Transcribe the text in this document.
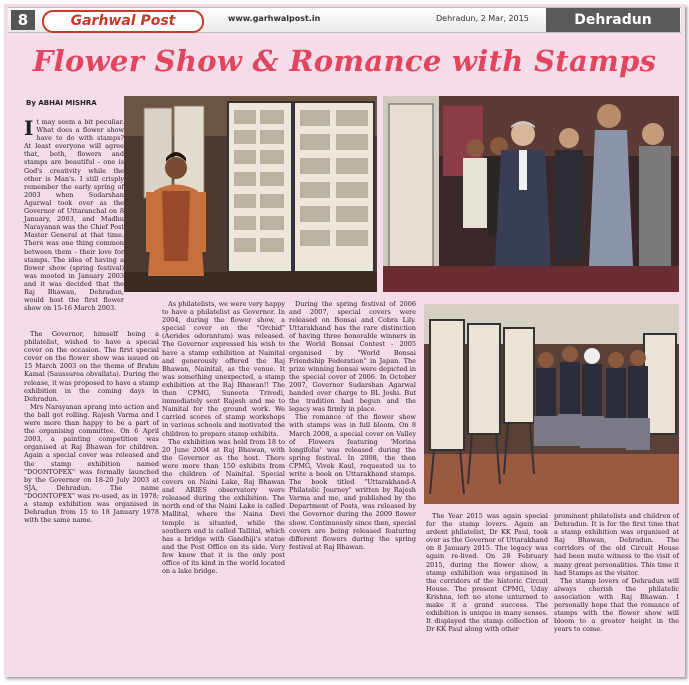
8	Garhwal Post	www.garhwalpost.in	Dehradun, 2 Mar, 2015	Dehradun
Flower Show & Romance with Stamps
By ABHAI MISHRA

It may seem a bit peculiar. What does a flower show have to do with stamps? At least everyone will agree that, both, flowers and stamps are beautiful - one is God's creativity while the other is Man's. I still crisply remember the early spring of 2003 when Sudarshan Agarwal took over as the Governor of Uttaranchal on 8 January, 2003, and Madhu Narayanan was the Chief Post Master General at that time. There was one thing common between them - their love for stamps. The idea of having a flower show (spring festival) was mooted in January 2003 and it was decided that the Raj Bhawan, Dehradun, would host the first flower show on 15-16 March 2003.

The Governor, himself being a philatelist, wished to have a special cover on the occasion. The first special cover on the flower show was issued on 15 March 2003 on the theme of Brahm Kamal (Saussurea obvallata). During the release, it was proposed to have a stamp exhibition in the coming days in Dehradun.

Mrs Narayanan sprang into action and the ball got rolling. Rajesh Varma and I were more than happy to be a part of the organising committee. On 6 April 2003, a painting competition was organised at Raj Bhawan for children. Again a special cover was released and the stamp exhibition named "DOONTOPEX" was formally launched by the Governor on 18-20 July 2003 at SJA, Dehradun. The name "DOONTOPEX" was re-used, as in 1978; a stamp exhibition was organised in Dehradun from 15 to 18 January 1978 with the same name.

As philatelists, we were very happy to have a philatelist as Governor. In 2004, during the flower show, a special cover on the "Orchid" (Aerides odorantum) was released. The Governor expressed his wish to have a stamp exhibition at Nainital and generously offered the Raj Bhawan, Nainital, as the venue. It was something unexpected, a stamp exhibition at the Raj Bhawan!! The then CPMG, Suneeta Trivedi, immediately sent Rajesh and me to Nainital for the ground work. We carried scores of stamp workshops in various schools and motivated the children to prepare stamp exhibits.

The exhibition was held from 18 to 20 June 2004 at Raj Bhawan, with the Governor as the host. There were more than 150 exhibits from the children of Nainital. Special covers on Naini Lake, Raj Bhawan and ARIES observatory were released during the exhibition. The north end of the Naini Lake is called Mallital, where the Naina Devi temple is situated, while the southern end is called Tallital, which has a bridge with Gandhiji's statue and the Post Office on its side. Very few know that it is the only post office of its kind in the world located on a lake bridge.

During the spring festival of 2006 and 2007, special covers were released on Bonsai and Cobra Lily. Uttarakhand has the rare distinction of having three honorable winners in the World Bonsai Contest - 2005 organised by "World Bonsai Friendship Federation" in Japan. The prize winning bonsai were depicted in the special cover of 2006. In October 2007, Governor Sudarshan Agarwal handed over charge to BL Joshi. But the tradition had begun and the legacy was firmly in place.

The romance of the flower show with stamps was in full bloom. On 8 March 2008, a special cover on Valley of Flowers featuring 'Morina longifolia' was released during the spring festival. In 2008, the then CPMG, Vivek Kaul, requested us to write a book on Uttarakhand stamps. The book titled "Uttarakhand-A Philatelic Journey" written by Rajesh Varma and me, and published by the Department of Posts, was released by the Governor during the 2009 flower show. Continuously since then, special covers are being released featuring different flowers during the spring festival at Raj Bhawan.

The Year 2015 was again special for the stamp lovers. Again an ardent philatelist, Dr KK Paul, took over as the Governor of Uttarakhand on 8 January 2015. The legacy was again re-lived. On 28 February 2015, during the flower show, a stamp exhibition was organised in the corridors of the historic Circuit House. The present CPMG, Uday Krishna, left no stone unturned to make it a grand success. The exhibition is unique in many senses. It displayed the stamp collection of Dr KK Paul along with other

prominent philatelists and children of Dehradun. It is for the first time that a stamp exhibition was organised at Raj Bhawan, Dehradun. The corridors of the old Circuit House had been mute witness to the visit of many great personalities. This time it had Stamps as the visitor.

The stamp lovers of Dehradun will always cherish the philatelic association with Raj Bhawan. I personally hope that the romance of stamps with the flower show will bloom to a greater height in the years to come.
